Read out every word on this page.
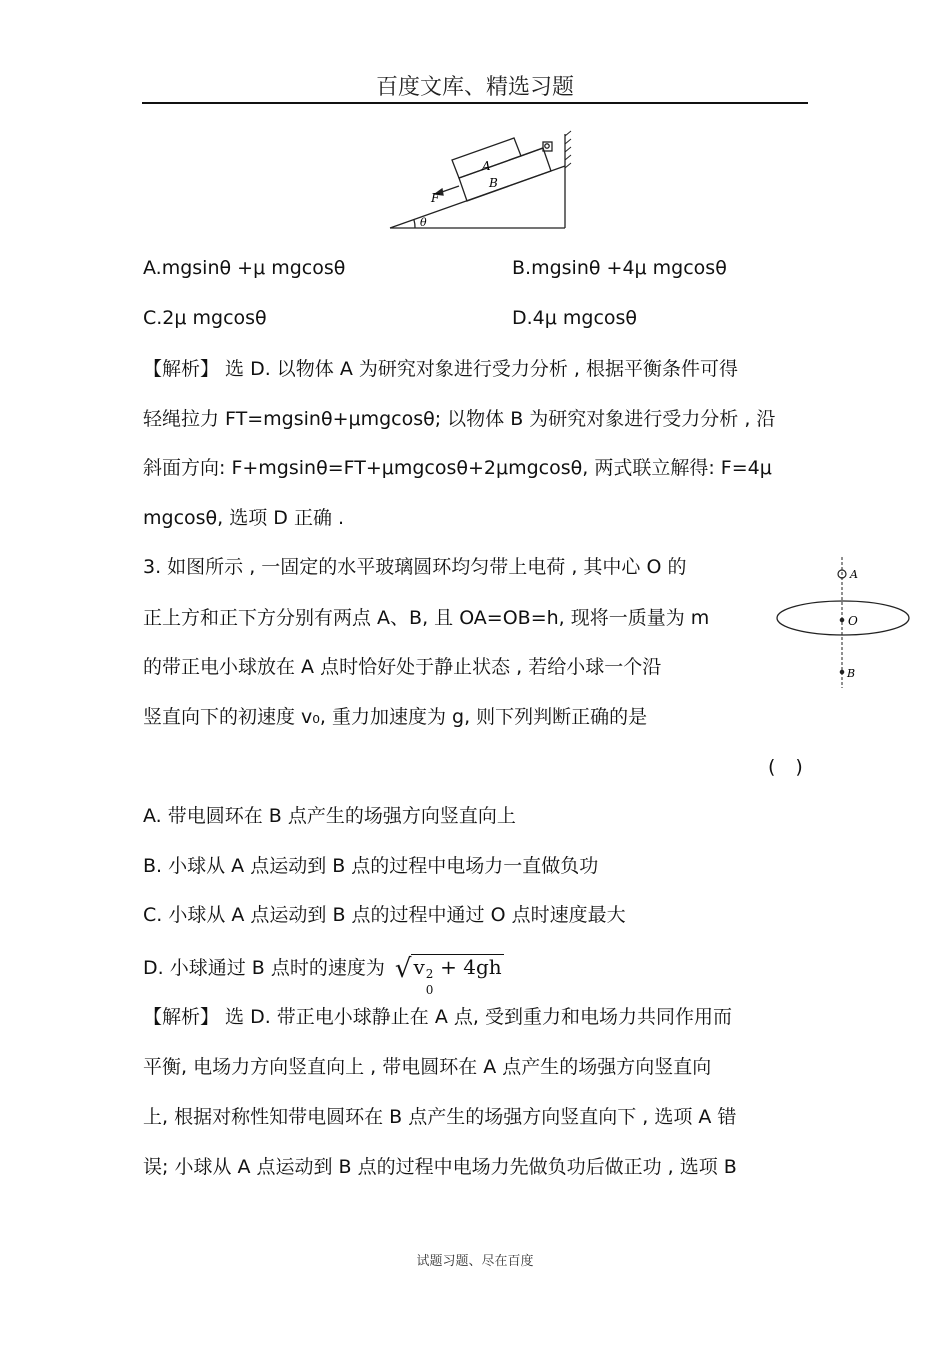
百度文库、精选习题
A
B
F
θ
A.mgsinθ +μ mgcosθ	B.mgsinθ +4μ mgcosθ
C.2μ mgcosθ	D.4μ mgcosθ
【解析】 选 D. 以物体 A 为研究对象进行受力分析 , 根据平衡条件可得
轻绳拉力 FT=mgsinθ+μmgcosθ; 以物体 B 为研究对象进行受力分析 , 沿
斜面方向: F+mgsinθ=FT+μmgcosθ+2μmgcosθ, 两式联立解得: F=4μ
mgcosθ, 选项 D 正确 .
3. 如图所示 , 一固定的水平玻璃圆环均匀带上电荷 , 其中心 O 的
正上方和正下方分别有两点 A、B, 且 OA=OB=h, 现将一质量为 m
的带正电小球放在 A 点时恰好处于静止状态 , 若给小球一个沿
竖直向下的初速度 v₀, 重力加速度为 g, 则下列判断正确的是
A
O
B
( )
A. 带电圆环在 B 点产生的场强方向竖直向上
B. 小球从 A 点运动到 B 点的过程中电场力一直做负功
C. 小球从 A 点运动到 B 点的过程中通过 O 点时速度最大
D. 小球通过 B 点时的速度为 √ v 2
0
+ 4gh
【解析】 选 D. 带正电小球静止在 A 点, 受到重力和电场力共同作用而
平衡, 电场力方向竖直向上 , 带电圆环在 A 点产生的场强方向竖直向
上, 根据对称性知带电圆环在 B 点产生的场强方向竖直向下 , 选项 A 错
误; 小球从 A 点运动到 B 点的过程中电场力先做负功后做正功 , 选项 B
试题习题、尽在百度
